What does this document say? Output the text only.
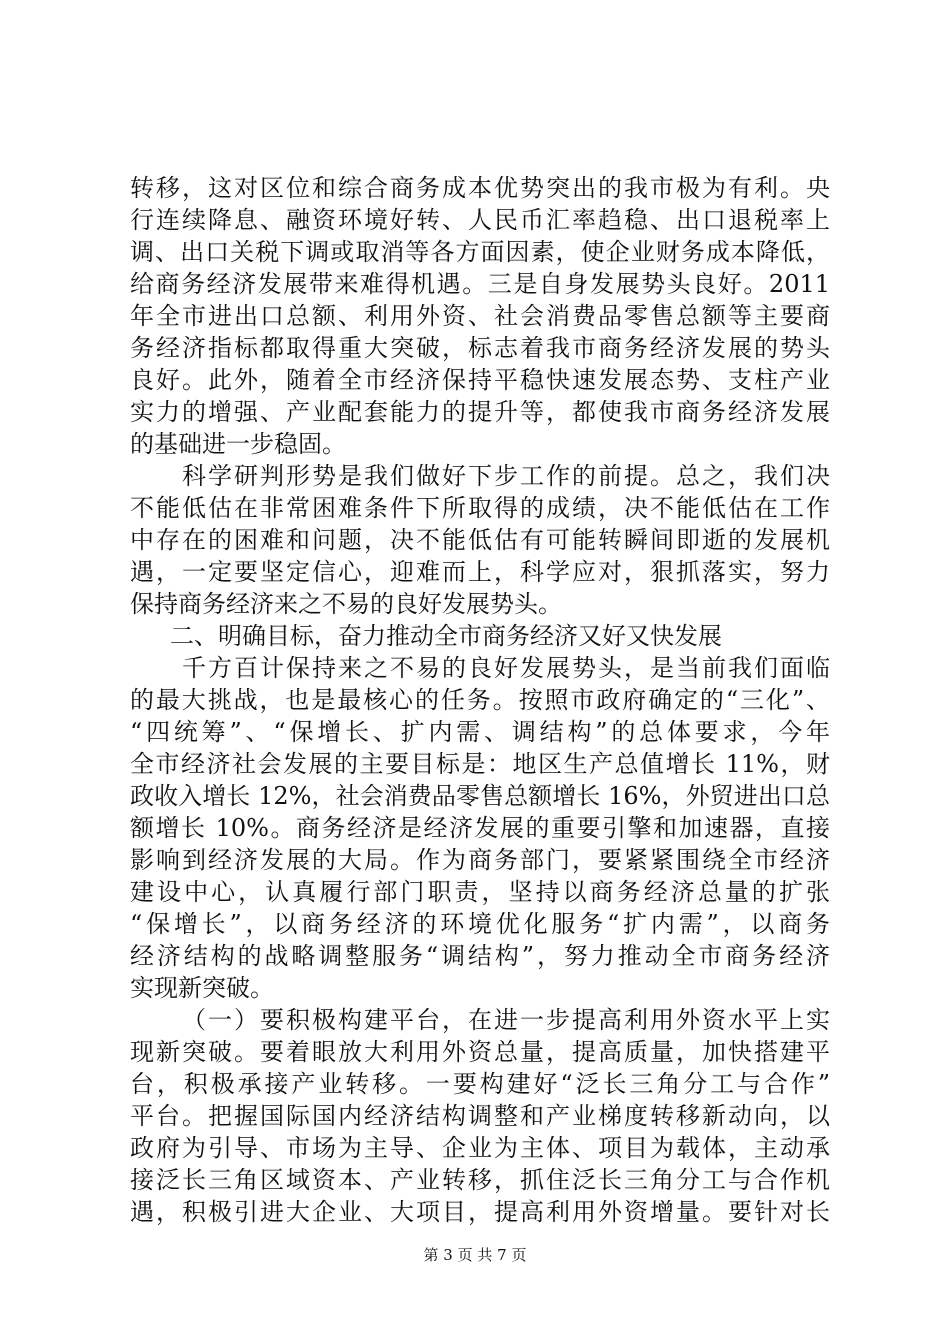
转移，这对区位和综合商务成本优势突出的我市极为有利。央
行连续降息、融资环境好转、人民币汇率趋稳、出口退税率上
调、出口关税下调或取消等各方面因素，使企业财务成本降低，
给商务经济发展带来难得机遇。三是自身发展势头良好。2011
年全市进出口总额、利用外资、社会消费品零售总额等主要商
务经济指标都取得重大突破，标志着我市商务经济发展的势头
良好。此外，随着全市经济保持平稳快速发展态势、支柱产业
实力的增强、产业配套能力的提升等，都使我市商务经济发展
的基础进一步稳固。
科学研判形势是我们做好下步工作的前提。总之，我们决
不能低估在非常困难条件下所取得的成绩，决不能低估在工作
中存在的困难和问题，决不能低估有可能转瞬间即逝的发展机
遇，一定要坚定信心，迎难而上，科学应对，狠抓落实，努力
保持商务经济来之不易的良好发展势头。
二、明确目标，奋力推动全市商务经济又好又快发展
千方百计保持来之不易的良好发展势头，是当前我们面临
的最大挑战，也是最核心的任务。按照市政府确定的“三化”、
“四统筹”、“保增长、扩内需、调结构”的总体要求，今年
全市经济社会发展的主要目标是：地区生产总值增长 11%，财
政收入增长 12%，社会消费品零售总额增长 16%，外贸进出口总
额增长 10%。商务经济是经济发展的重要引擎和加速器，直接
影响到经济发展的大局。作为商务部门，要紧紧围绕全市经济
建设中心，认真履行部门职责，坚持以商务经济总量的扩张
“保增长”，以商务经济的环境优化服务“扩内需”，以商务
经济结构的战略调整服务“调结构”，努力推动全市商务经济
实现新突破。
（一）要积极构建平台，在进一步提高利用外资水平上实
现新突破。要着眼放大利用外资总量，提高质量，加快搭建平
台，积极承接产业转移。一要构建好“泛长三角分工与合作”
平台。把握国际国内经济结构调整和产业梯度转移新动向，以
政府为引导、市场为主导、企业为主体、项目为载体，主动承
接泛长三角区域资本、产业转移，抓住泛长三角分工与合作机
遇，积极引进大企业、大项目，提高利用外资增量。要针对长
第 3 页 共 7 页
